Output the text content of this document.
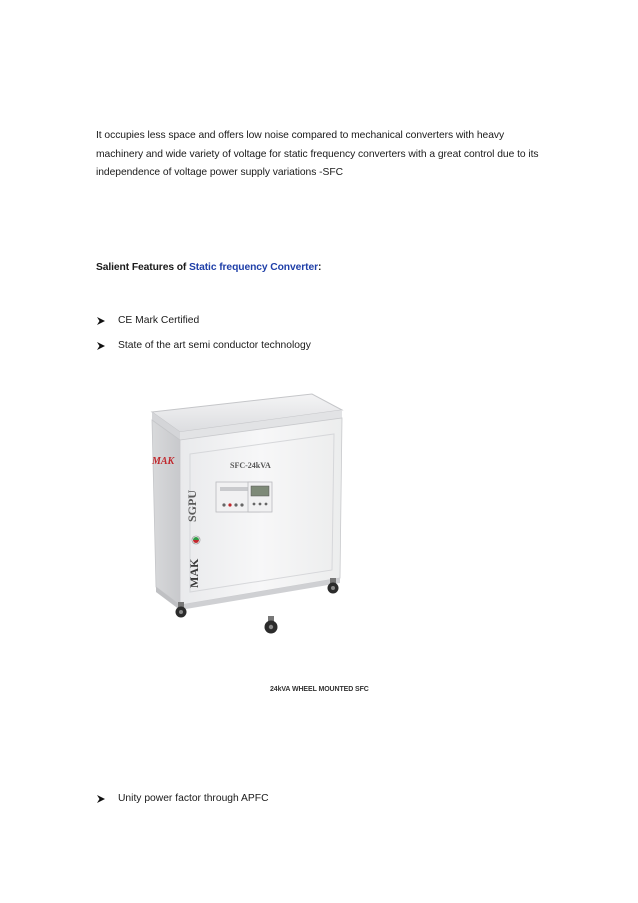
It occupies less space and offers low noise compared to mechanical converters with heavy machinery and wide variety of voltage for static frequency converters with a great control due to its independence of voltage power supply variations -SFC

Salient Features of Static frequency Converter:

CE Mark Certified
State of the art semi conductor technology
MAK	SFC-24kVA
SGPU
MAK
24kVA WHEEL MOUNTED SFC
Unity power factor through APFC
